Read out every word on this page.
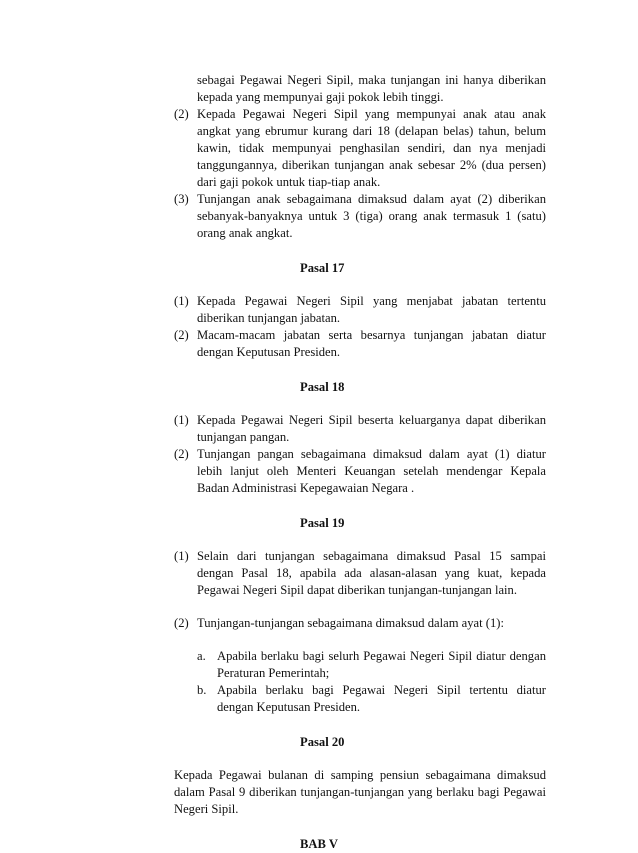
sebagai Pegawai Negeri Sipil, maka tunjangan ini hanya diberikan kepada yang mempunyai gaji pokok lebih tinggi.

(2) Kepada Pegawai Negeri Sipil yang mempunyai anak atau anak angkat yang ebrumur kurang dari 18 (delapan belas) tahun, belum kawin, tidak mempunyai penghasilan sendiri, dan nya menjadi tanggungannya, diberikan tunjangan anak sebesar 2% (dua persen) dari gaji pokok untuk tiap-tiap anak.
(3) Tunjangan anak sebagaimana dimaksud dalam ayat (2) diberikan sebanyak-banyaknya untuk 3 (tiga) orang anak termasuk 1 (satu) orang anak angkat.
Pasal 17
(1) Kepada Pegawai Negeri Sipil yang menjabat jabatan tertentu diberikan tunjangan jabatan.
(2) Macam-macam jabatan serta besarnya tunjangan jabatan diatur dengan Keputusan Presiden.
Pasal 18
(1) Kepada Pegawai Negeri Sipil beserta keluarganya dapat diberikan tunjangan pangan.
(2) Tunjangan pangan sebagaimana dimaksud dalam ayat (1) diatur lebih lanjut oleh Menteri Keuangan setelah mendengar Kepala Badan Administrasi Kepegawaian Negara .
Pasal 19
(1) Selain dari tunjangan sebagaimana dimaksud Pasal 15 sampai dengan Pasal 18, apabila ada alasan-alasan yang kuat, kepada Pegawai Negeri Sipil dapat diberikan tunjangan-tunjangan lain.
(2) Tunjangan-tunjangan sebagaimana dimaksud dalam ayat (1):
a. Apabila berlaku bagi selurh Pegawai Negeri Sipil diatur dengan Peraturan Pemerintah;
b. Apabila berlaku bagi Pegawai Negeri Sipil tertentu diatur dengan Keputusan Presiden.
Pasal 20

Kepada Pegawai bulanan di samping pensiun sebagaimana dimaksud dalam Pasal 9 diberikan tunjangan-tunjangan yang berlaku bagi Pegawai Negeri Sipil.

BAB V
